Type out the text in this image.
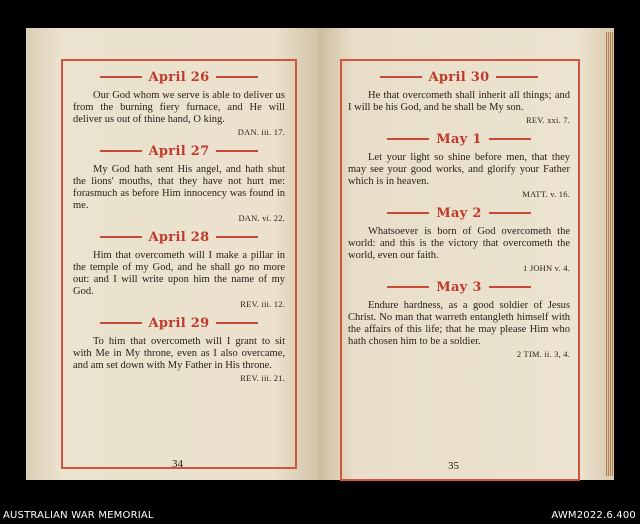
April 26

Our God whom we serve is able to deliver us from the burning fiery furnace, and He will deliver us out of thine hand, O king.

DAN. iii. 17.
April 27

My God hath sent His angel, and hath shut the lions' mouths, that they have not hurt me: forasmuch as before Him innocency was found in me.

DAN. vi. 22.
April 28

Him that overcometh will I make a pillar in the temple of my God, and he shall go no more out: and I will write upon him the name of my God.

REV. iii. 12.
April 29

To him that overcometh will I grant to sit with Me in My throne, even as I also overcame, and am set down with My Father in His throne.

REV. iii. 21.
34
April 30

He that overcometh shall inherit all things; and I will be his God, and he shall be My son.

REV. xxi. 7.
May 1

Let your light so shine before men, that they may see your good works, and glorify your Father which is in heaven.

MATT. v. 16.
May 2

Whatsoever is born of God overcometh the world: and this is the victory that overcometh the world, even our faith.

1 JOHN v. 4.
May 3

Endure hardness, as a good soldier of Jesus Christ. No man that warreth entangleth himself with the affairs of this life; that he may please Him who hath chosen him to be a soldier.

2 TIM. ii. 3, 4.
35
AUSTRALIAN WAR MEMORIAL	AWM2022.6.400
